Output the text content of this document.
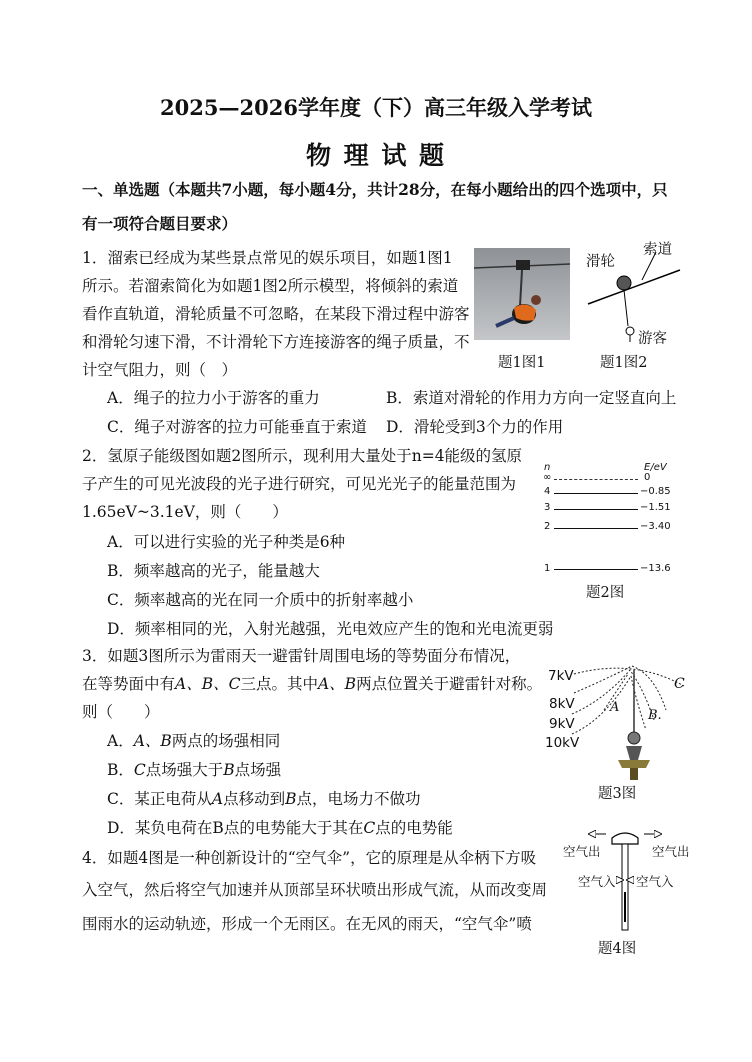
2025—2026学年度（下）高三年级入学考试
物 理 试 题
一、单选题（本题共7小题，每小题4分，共计28分，在每小题给出的四个选项中，只
有一项符合题目要求）
1．溜索已经成为某些景点常见的娱乐项目，如题1图1
所示。若溜索简化为如题1图2所示模型，将倾斜的索道
看作直轨道，滑轮质量不可忽略，在某段下滑过程中游客
和滑轮匀速下滑，不计滑轮下方连接游客的绳子质量，不
计空气阻力，则（　）
A．绳子的拉力小于游客的重力	B．索道对滑轮的作用力方向一定竖直向上
C．绳子对游客的拉力可能垂直于索道 D．滑轮受到3个力的作用
题1图1
滑轮
索道
游客
题1图2
2．氢原子能级图如题2图所示，现利用大量处于n=4能级的氢原
子产生的可见光波段的光子进行研究，可见光光子的能量范围为
1.65eV~3.1eV，则（　　）
A．可以进行实验的光子种类是6种
B．频率越高的光子，能量越大
C．频率越高的光在同一介质中的折射率越小
D．频率相同的光，入射光越强，光电效应产生的饱和光电流更弱
n	E/eV
∞	0
4	−0.85
3	−1.51
2	−3.40
1	−13.6
题2图
3．如题3图所示为雷雨天一避雷针周围电场的等势面分布情况，
在等势面中有A、B、C三点。其中A、B两点位置关于避雷针对称。
则（　　）
A．A、B两点的场强相同
B．C点场强大于B点场强
C．某正电荷从A点移动到B点，电场力不做功
D．某负电荷在B点的电势能大于其在C点的电势能
7kV
8kV
9kV
10kV
A
B.
C
题3图
4．如题4图是一种创新设计的“空气伞”，它的原理是从伞柄下方吸
入空气，然后将空气加速并从顶部呈环状喷出形成气流，从而改变周
围雨水的运动轨迹，形成一个无雨区。在无风的雨天，“空气伞”喷
空气出	空气出
空气入 空气入
题4图
